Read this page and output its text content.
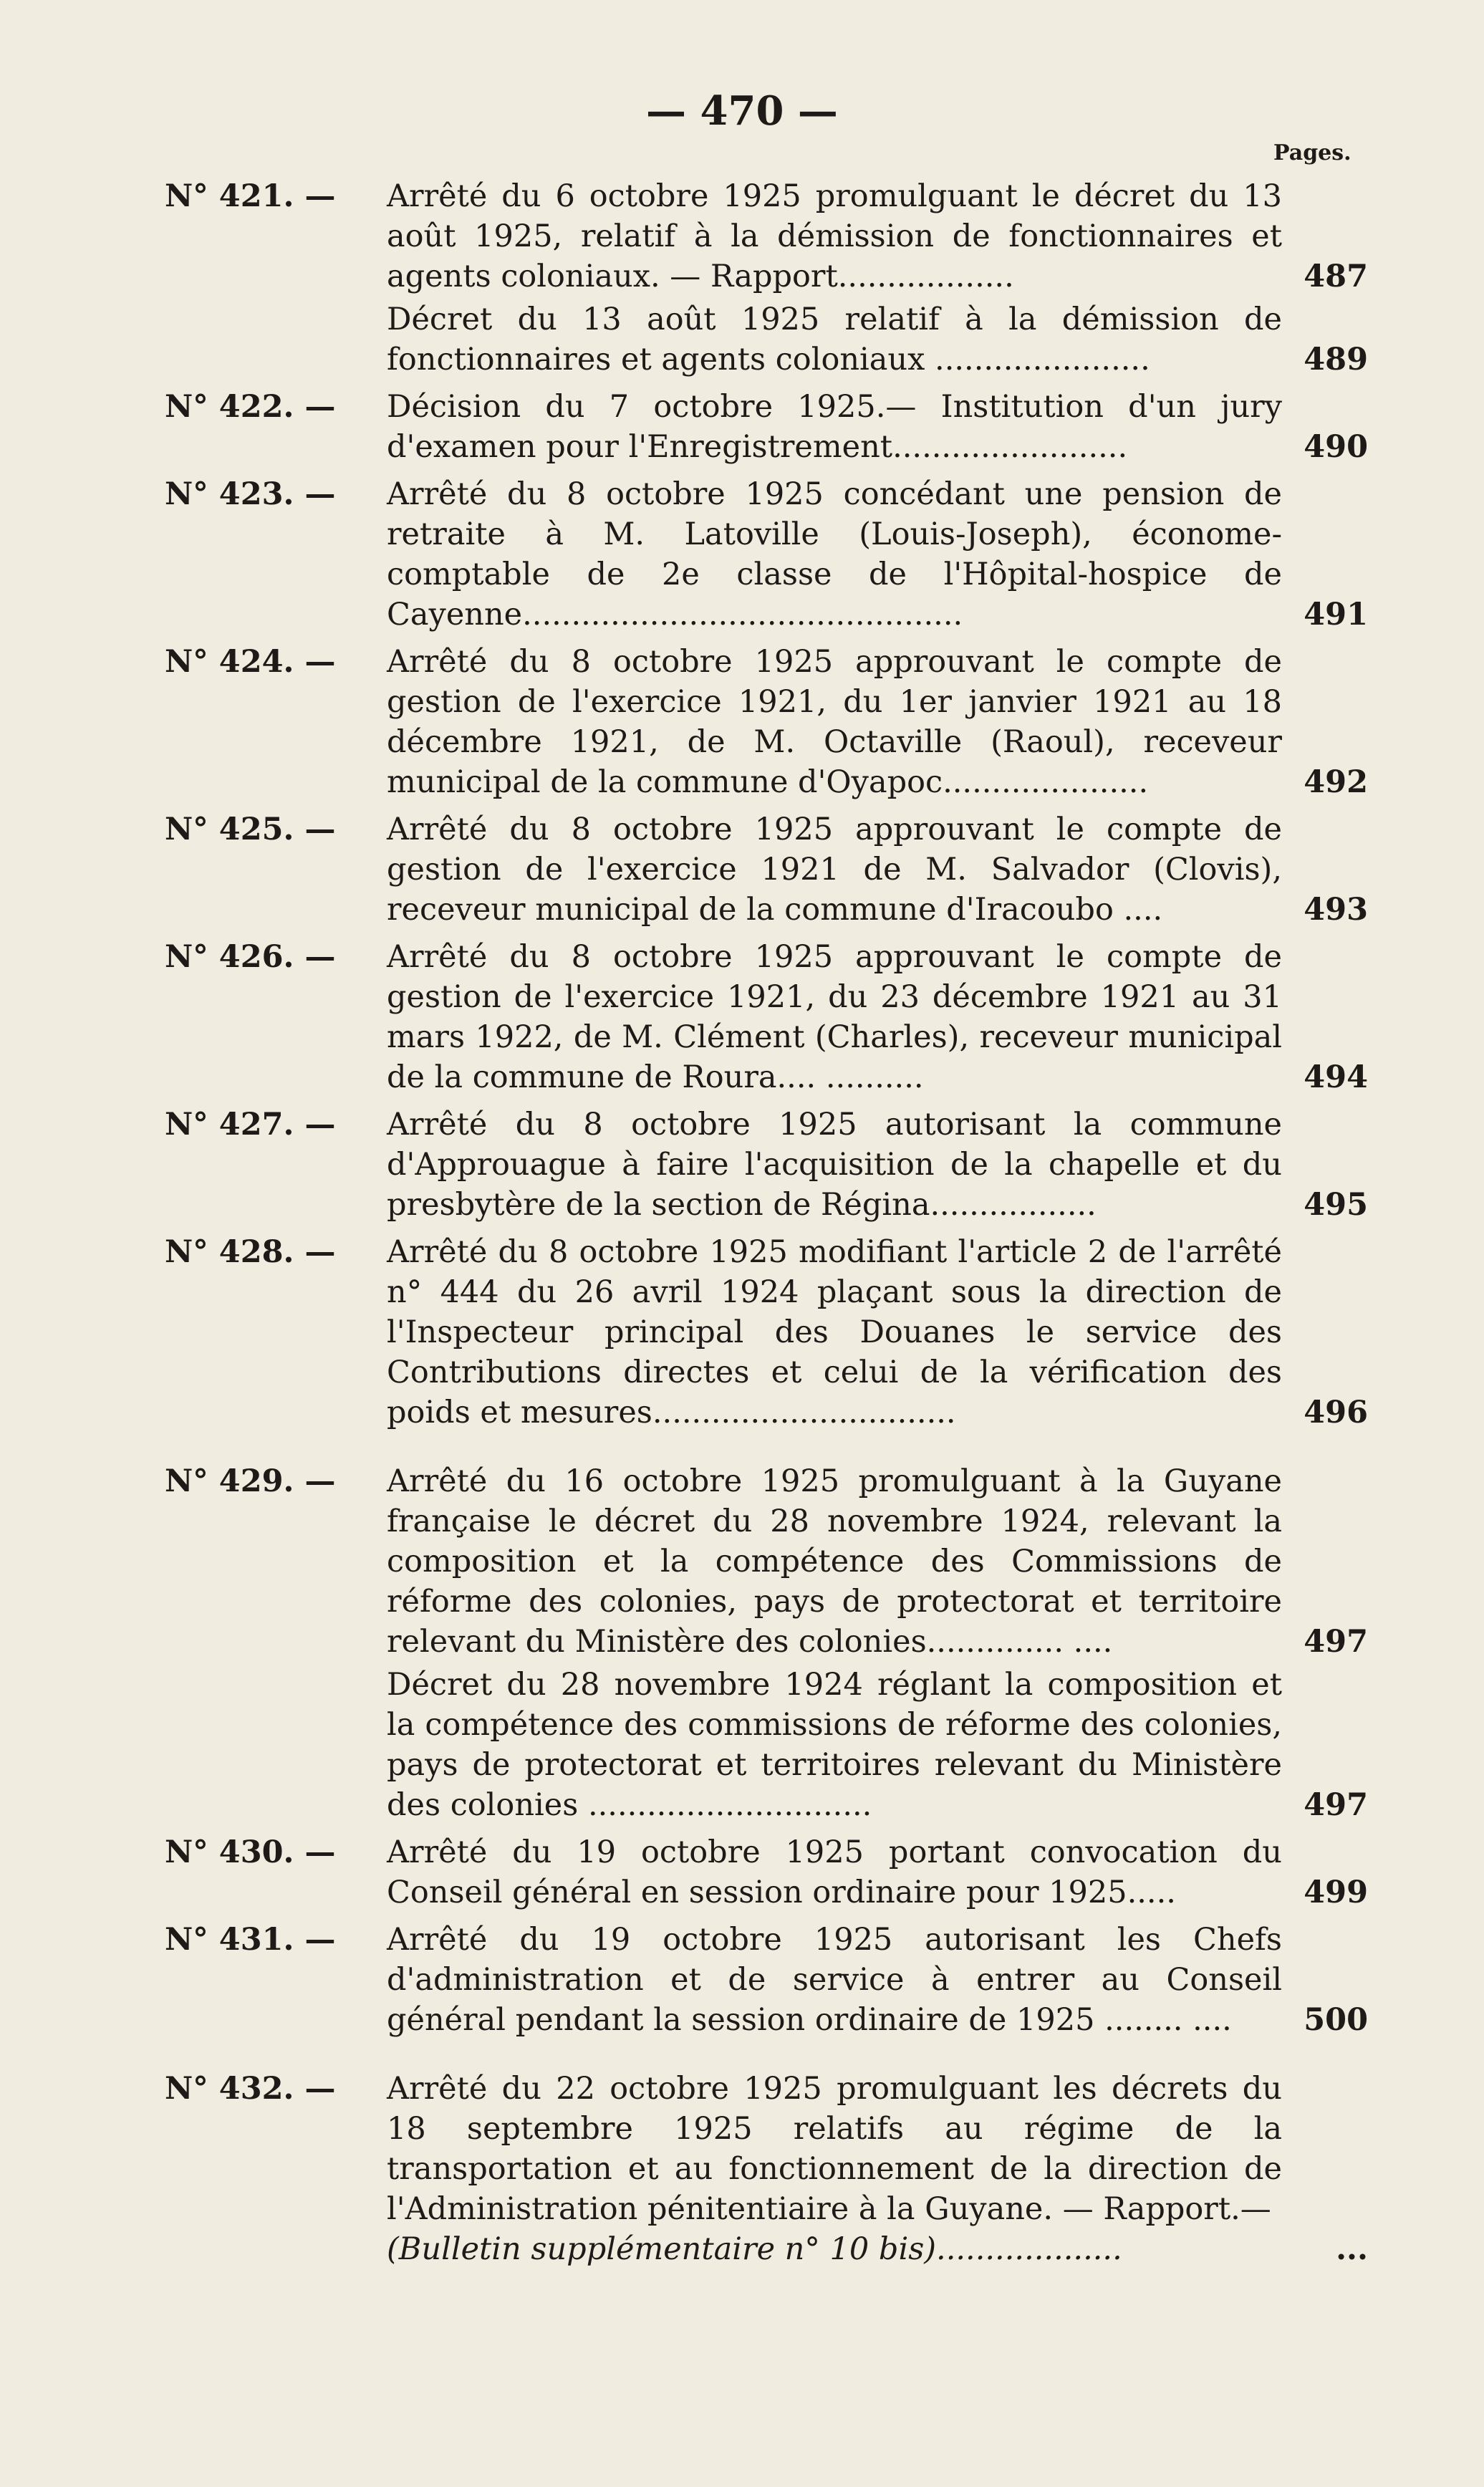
— 470 —
Pages.
N° 421. — Arrêté du 6 octobre 1925 promulguant le décret du 13 août 1925, relatif à la démission de fonctionnaires et agents coloniaux. — Rapport..................	487
Décret du 13 août 1925 relatif à la démission de fonctionnaires et agents coloniaux ......................	489
N° 422. — Décision du 7 octobre 1925.— Institution d'un jury d'examen pour l'Enregistrement........................	490
N° 423. — Arrêté du 8 octobre 1925 concédant une pension de retraite à M. Latoville (Louis-Joseph), économe-comptable de 2e classe de l'Hôpital-hospice de Cayenne.............................................	491
N° 424. — Arrêté du 8 octobre 1925 approuvant le compte de gestion de l'exercice 1921, du 1er janvier 1921 au 18 décembre 1921, de M. Octaville (Raoul), receveur municipal de la commune d'Oyapoc.....................	492
N° 425. — Arrêté du 8 octobre 1925 approuvant le compte de gestion de l'exercice 1921 de M. Salvador (Clovis), receveur municipal de la commune d'Iracoubo ....	493
N° 426. — Arrêté du 8 octobre 1925 approuvant le compte de gestion de l'exercice 1921, du 23 décembre 1921 au 31 mars 1922, de M. Clément (Charles), receveur municipal de la commune de Roura.... ..........	494
N° 427. — Arrêté du 8 octobre 1925 autorisant la commune d'Approuague à faire l'acquisition de la chapelle et du presbytère de la section de Régina.................	495
N° 428. — Arrêté du 8 octobre 1925 modifiant l'article 2 de l'arrêté n° 444 du 26 avril 1924 plaçant sous la direction de l'Inspecteur principal des Douanes le service des Contributions directes et celui de la vérification des poids et mesures...............................	496
N° 429. — Arrêté du 16 octobre 1925 promulguant à la Guyane française le décret du 28 novembre 1924, relevant la composition et la compétence des Commissions de réforme des colonies, pays de protectorat et territoire relevant du Ministère des colonies.............. ....	497
Décret du 28 novembre 1924 réglant la composition et la compétence des commissions de réforme des colonies, pays de protectorat et territoires relevant du Ministère des colonies .............................	497
N° 430. — Arrêté du 19 octobre 1925 portant convocation du Conseil général en session ordinaire pour 1925.....	499
N° 431. — Arrêté du 19 octobre 1925 autorisant les Chefs d'administration et de service à entrer au Conseil général pendant la session ordinaire de 1925 ........ ....	500
N° 432. — Arrêté du 22 octobre 1925 promulguant les décrets du 18 septembre 1925 relatifs au régime de la transportation et au fonctionnement de la direction de l'Administration pénitentiaire à la Guyane. — Rapport.—
(Bulletin supplémentaire n° 10 bis)...................	...
